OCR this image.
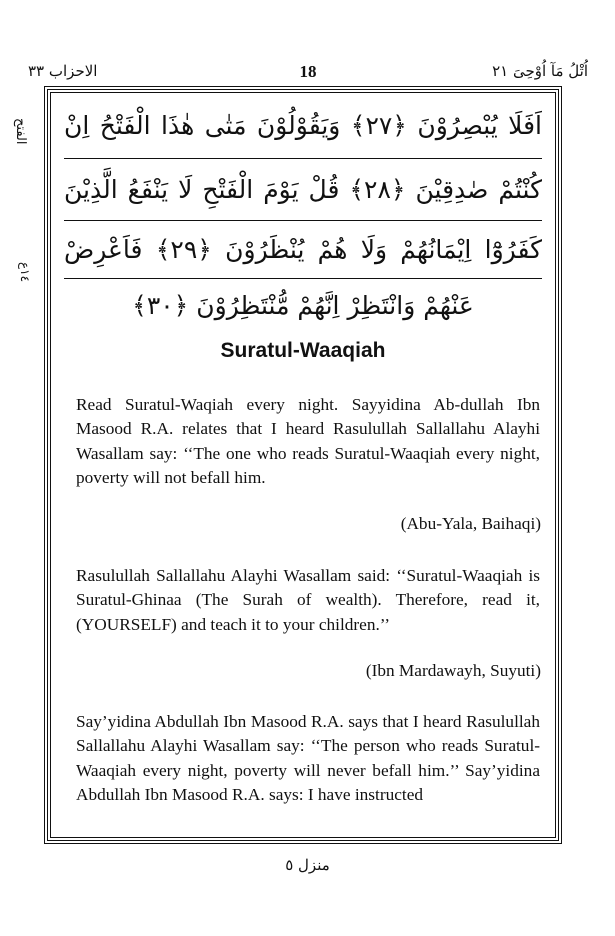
الاحزاب ٣٣	18	اُتْلُ مَآ اُوْحِیَ ٢١
الفتح
١٤ع
اَفَلَا يُبْصِرُوْنَ ﴿٢٧﴾ وَيَقُوْلُوْنَ مَتٰى هٰذَا الْفَتْحُ اِنْ
كُنْتُمْ صٰدِقِيْنَ ﴿٢٨﴾ قُلْ يَوْمَ الْفَتْحِ لَا يَنْفَعُ الَّذِيْنَ
كَفَرُوْٓا اِيْمَانُهُمْ وَلَا هُمْ يُنْظَرُوْنَ ﴿٢٩﴾ فَاَعْرِضْ
عَنْهُمْ وَانْتَظِرْ اِنَّهُمْ مُّنْتَظِرُوْنَ ﴿٣٠﴾
Suratul-Waaqiah
Read Suratul-Waqiah every night. Sayyidina Ab-dullah Ibn Masood R.A. relates that I heard Rasulullah Sallallahu Alayhi Wasallam say: ‘‘The one who reads Suratul-Waaqiah every night, poverty will not befall him.
(Abu-Yala, Baihaqi)
Rasulullah Sallallahu Alayhi Wasallam said: ‘‘Suratul-Waaqiah is Suratul-Ghinaa (The Surah of wealth). Therefore, read it, (YOURSELF) and teach it to your children.’’
(Ibn Mardawayh, Suyuti)
Say’yidina Abdullah Ibn Masood R.A. says that I heard Rasulullah Sallallahu Alayhi Wasallam say: ‘‘The person who reads Suratul-Waaqiah every night, poverty will never befall him.’’ Say’yidina Abdullah Ibn Masood R.A. says: I have instructed
منزل ٥
